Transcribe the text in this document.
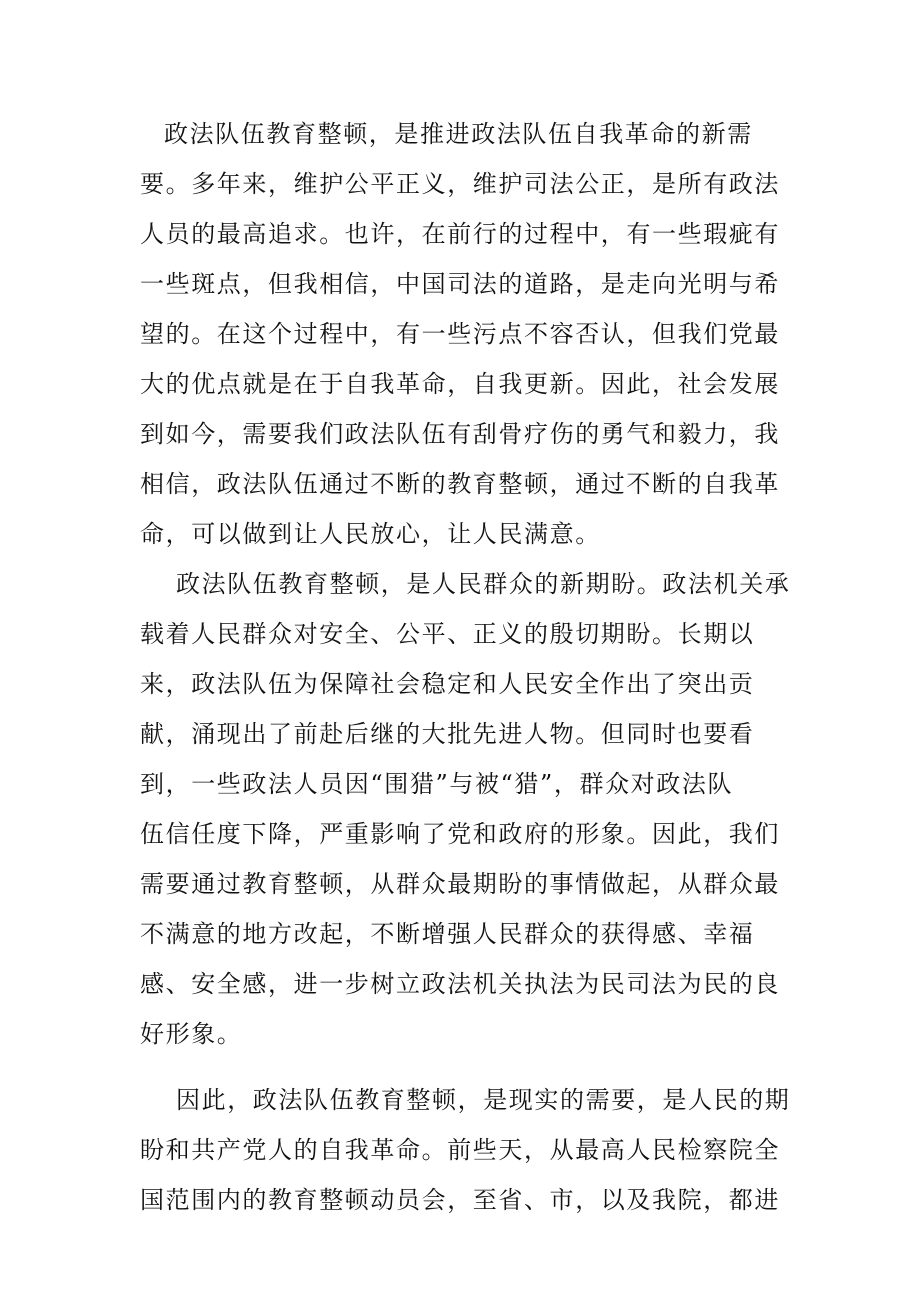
政法队伍教育整顿，是推进政法队伍自我革命的新需
要。多年来，维护公平正义，维护司法公正，是所有政法
人员的最高追求。也许，在前行的过程中，有一些瑕疵有
一些斑点，但我相信，中国司法的道路，是走向光明与希
望的。在这个过程中，有一些污点不容否认，但我们党最
大的优点就是在于自我革命，自我更新。因此，社会发展
到如今，需要我们政法队伍有刮骨疗伤的勇气和毅力，我
相信，政法队伍通过不断的教育整顿，通过不断的自我革
命，可以做到让人民放心，让人民满意。
政法队伍教育整顿，是人民群众的新期盼。政法机关承
载着人民群众对安全、公平、正义的殷切期盼。长期以
来，政法队伍为保障社会稳定和人民安全作出了突出贡
献，涌现出了前赴后继的大批先进人物。但同时也要看
到，一些政法人员因“围猎”与被“猎”，群众对政法队
伍信任度下降，严重影响了党和政府的形象。因此，我们
需要通过教育整顿，从群众最期盼的事情做起，从群众最
不满意的地方改起，不断增强人民群众的获得感、幸福
感、安全感，进一步树立政法机关执法为民司法为民的良
好形象。
因此，政法队伍教育整顿，是现实的需要，是人民的期
盼和共产党人的自我革命。前些天，从最高人民检察院全
国范围内的教育整顿动员会，至省、市，以及我院，都进
